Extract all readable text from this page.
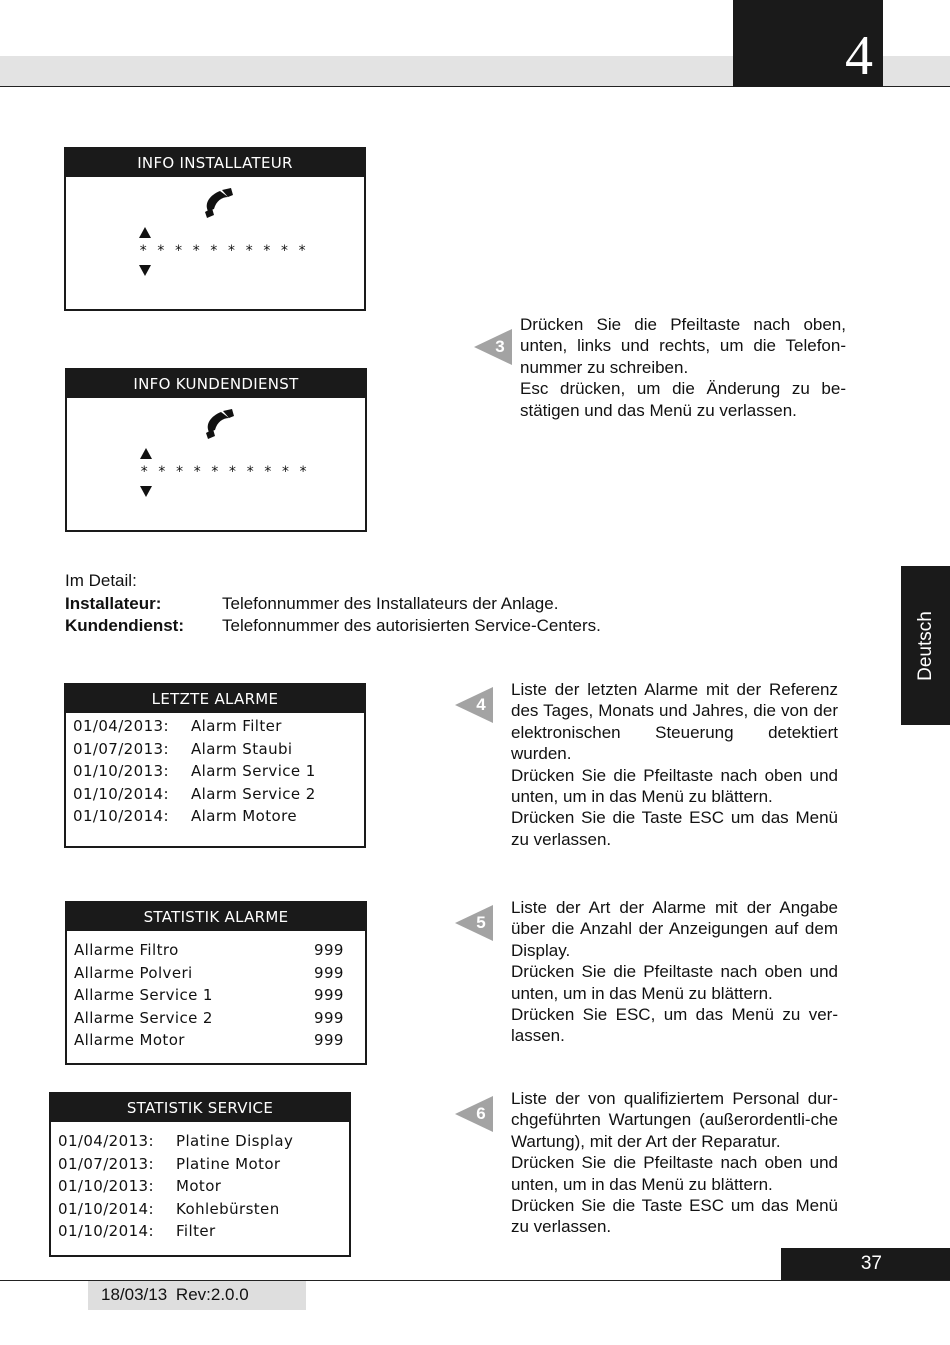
4
Deutsch
INFO INSTALLATEUR
* * * * * * * * * *
INFO KUNDENDIENST
* * * * * * * * * *
3

Drücken Sie die Pfeiltaste nach oben, unten, links und rechts, um die Telefon-nummer zu schreiben.

Esc drücken, um die Änderung zu be-stätigen und das Menü zu verlassen.

Im Detail:
Installateur:	Telefonnummer des Installateurs der Anlage.
Kundendienst: Telefonnummer des autorisierten Service-Centers.
LETZTE ALARME
01/04/2013: Alarm Filter
01/07/2013: Alarm Staubi
01/10/2013: Alarm Service 1
01/10/2014: Alarm Service 2
01/10/2014: Alarm Motore
4

Liste der letzten Alarme mit der Referenz des Tages, Monats und Jahres, die von der elektronischen Steuerung detektiert wurden.

Drücken Sie die Pfeiltaste nach oben und unten, um in das Menü zu blättern.

Drücken Sie die Taste ESC um das Menü zu verlassen.

STATISTIK ALARME
Allarme Filtro	999
Allarme Polveri	999
Allarme Service 1	999
Allarme Service 2	999
Allarme Motor	999
5

Liste der Art der Alarme mit der Angabe über die Anzahl der Anzeigungen auf dem Display.

Drücken Sie die Pfeiltaste nach oben und unten, um in das Menü zu blättern.

Drücken Sie ESC, um das Menü zu ver-lassen.

STATISTIK SERVICE
01/04/2013: Platine Display
01/07/2013: Platine Motor
01/10/2013: Motor
01/10/2014: Kohlebürsten
01/10/2014: Filter
6

Liste der von qualifiziertem Personal dur-chgeführten Wartungen (außerordentli-che Wartung), mit der Art der Reparatur.

Drücken Sie die Pfeiltaste nach oben und unten, um in das Menü zu blättern.

Drücken Sie die Taste ESC um das Menü zu verlassen.

37
18/03/13 Rev:2.0.0
